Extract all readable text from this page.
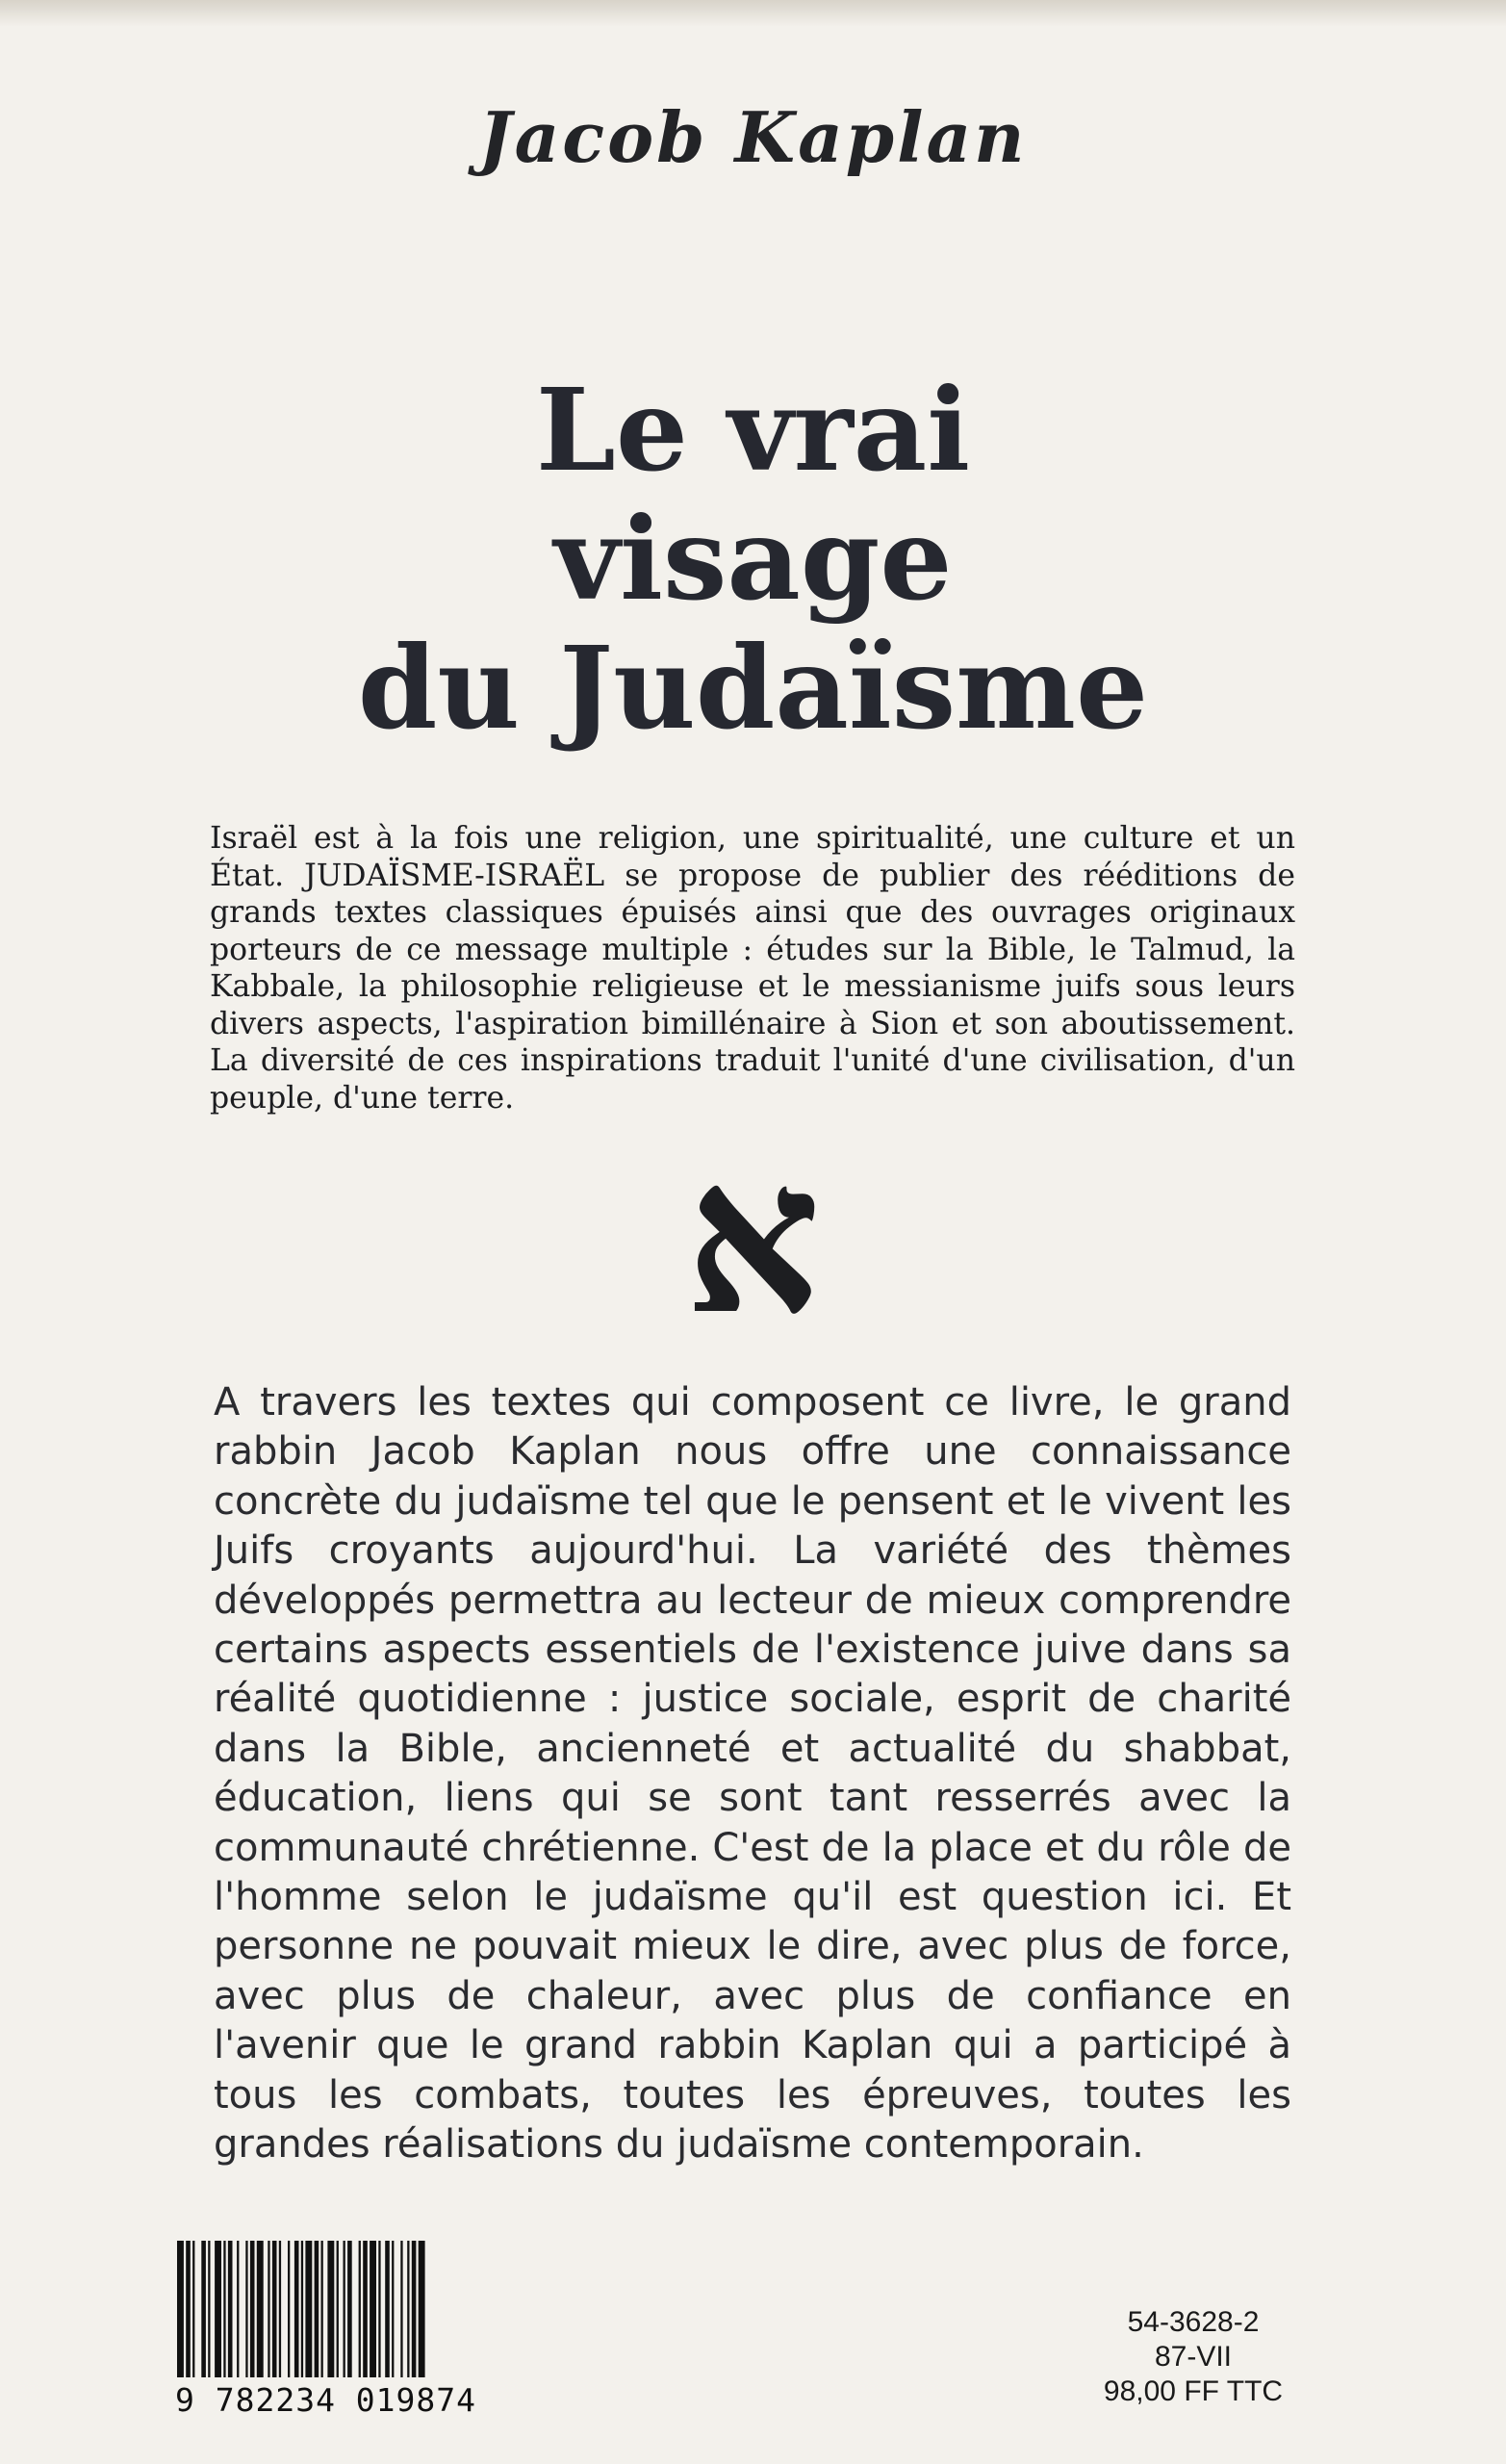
Jacob Kaplan
Le vrai
visage
du Judaïsme
Israël est à la fois une religion, une spiritualité, une culture et un État. JUDAÏSME-ISRAËL se propose de publier des rééditions de grands textes classiques épuisés ainsi que des ouvrages originaux porteurs de ce message multiple : études sur la Bible, le Talmud, la Kabbale, la philosophie religieuse et le messianisme juifs sous leurs divers aspects, l'aspiration bimillénaire à Sion et son aboutissement. La diversité de ces inspirations traduit l'unité d'une civilisation, d'un peuple, d'une terre.
א
A travers les textes qui composent ce livre, le grand rabbin Jacob Kaplan nous offre une connaissance concrète du judaïsme tel que le pensent et le vivent les Juifs croyants aujourd'hui. La variété des thèmes développés permettra au lecteur de mieux comprendre certains aspects essentiels de l'existence juive dans sa réalité quotidienne : justice sociale, esprit de charité dans la Bible, ancienneté et actualité du shabbat, éducation, liens qui se sont tant resserrés avec la communauté chrétienne. C'est de la place et du rôle de l'homme selon le judaïsme qu'il est question ici. Et personne ne pouvait mieux le dire, avec plus de force, avec plus de chaleur, avec plus de confiance en l'avenir que le grand rabbin Kaplan qui a participé à tous les combats, toutes les épreuves, toutes les grandes réalisations du judaïsme contemporain.
9 782234 019874
54-3628-2
87-VII
98,00 FF TTC
